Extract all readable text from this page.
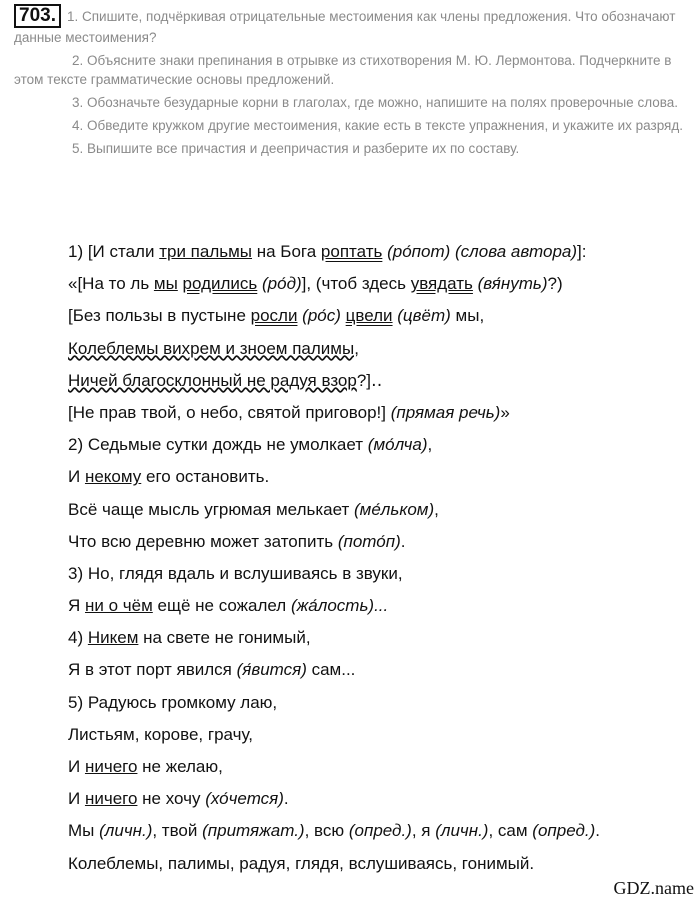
703. 1. Спишите, подчёркивая отрицательные местоимения как члены предложения. Что обозначают данные местоимения?

2. Объясните знаки препинания в отрывке из стихотворения М. Ю. Лермонтова. Подчеркните в этом тексте грамматические основы предложений.

3. Обозначьте безударные корни в глаголах, где можно, напишите на полях проверочные слова.

4. Обведите кружком другие местоимения, какие есть в тексте упражнения, и укажите их разряд.

5. Выпишите все причастия и деепричастия и разберите их по составу.

1) [И стали три пальмы на Бога роптать (ро́пот) (слова автора)]:
«[На то ль мы родились (ро́д)], (чтоб здесь увядать (вя́нуть)?)
[Без пользы в пустыне росли (ро́с) цвели (цвёт) мы,
Колеблемы вихрем и зноем палимы,
Ничей благосклонный не радуя взор?]‥
[Не прав твой, о небо, святой приговор!] (прямая речь)»
2) Седьмые сутки дождь не умолкает (мо́лча),
И некому его остановить.
Всё чаще мысль угрюмая мелькает (ме́льком),
Что всю деревню может затопить (пото́п).
3) Но, глядя вдаль и вслушиваясь в звуки,
Я ни о чём ещё не сожалел (жа́лость)...
4) Никем на свете не гонимый,
Я в этот порт явился (я́вится) сам...
5) Радуюсь громкому лаю,
Листьям, корове, грачу,
И ничего не желаю,
И ничего не хочу (хо́чется).
Мы (личн.), твой (притяжат.), всю (опред.), я (личн.), сам (опред.).
Колеблемы, палимы, радуя, глядя, вслушиваясь, гонимый.
GDZ.name
